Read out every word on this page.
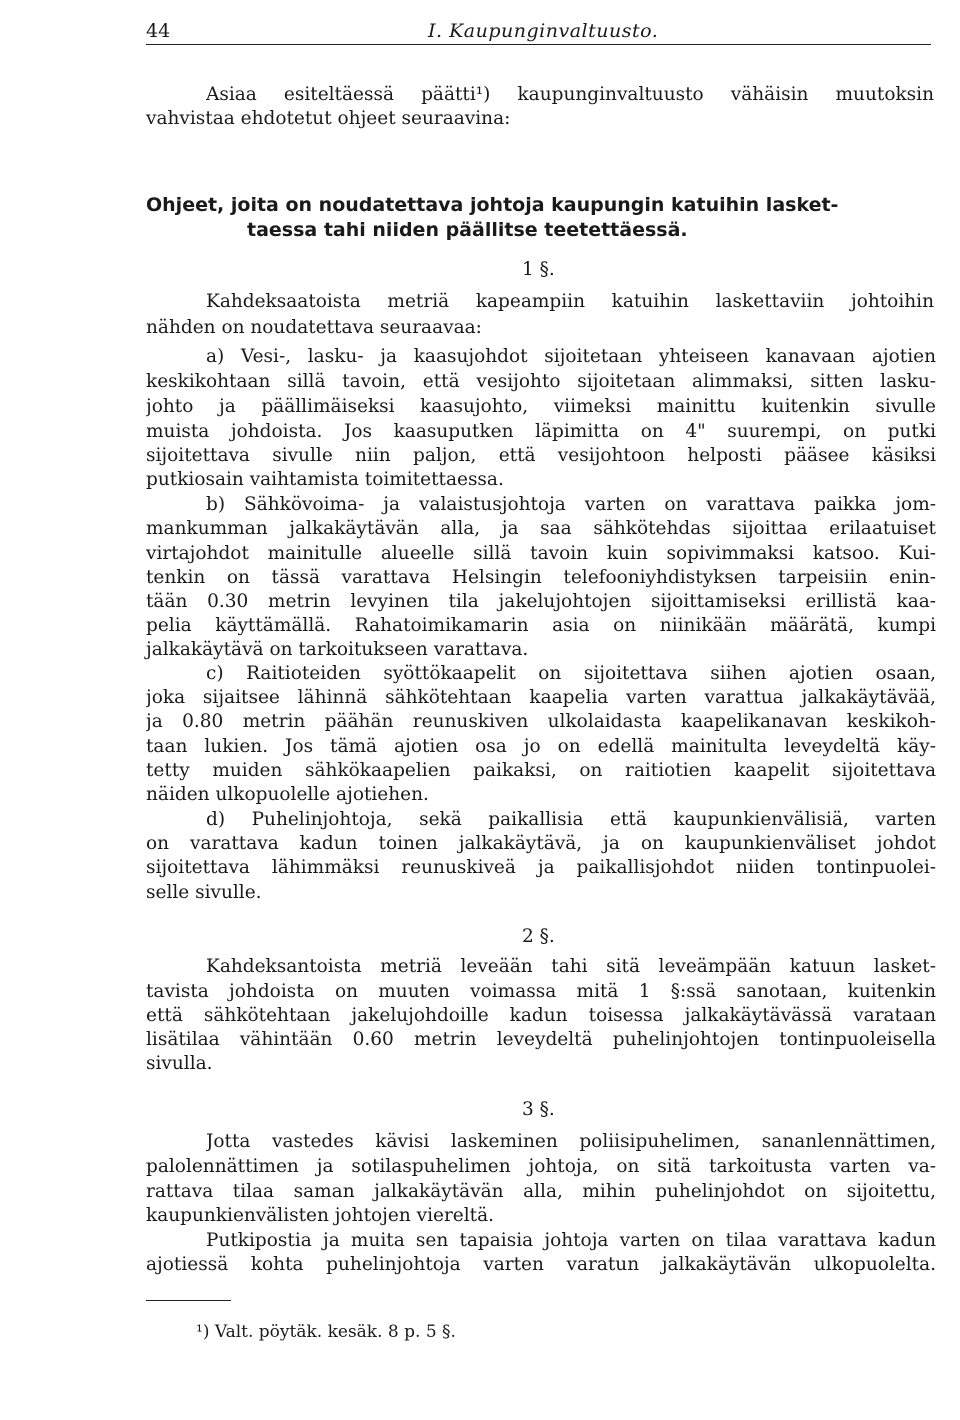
44	I. Kaupunginvaltuusto.
Asiaa esiteltäessä päätti¹) kaupunginvaltuusto vähäisin muutoksin
vahvistaa ehdotetut ohjeet seuraavina:
Ohjeet, joita on noudatettava johtoja kaupungin katuihin lasket-
taessa tahi niiden päällitse teetettäessä.
1 §.
Kahdeksaatoista metriä kapeampiin katuihin laskettaviin johtoihin
nähden on noudatettava seuraavaa:
a) Vesi-, lasku- ja kaasujohdot sijoitetaan yhteiseen kanavaan ajotien
keskikohtaan sillä tavoin, että vesijohto sijoitetaan alimmaksi, sitten lasku-
johto ja päällimäiseksi kaasujohto, viimeksi mainittu kuitenkin sivulle
muista johdoista. Jos kaasuputken läpimitta on 4" suurempi, on putki
sijoitettava sivulle niin paljon, että vesijohtoon helposti pääsee käsiksi
putkiosain vaihtamista toimitettaessa.
b) Sähkövoima- ja valaistusjohtoja varten on varattava paikka jom-
mankumman jalkakäytävän alla, ja saa sähkötehdas sijoittaa erilaatuiset
virtajohdot mainitulle alueelle sillä tavoin kuin sopivimmaksi katsoo. Kui-
tenkin on tässä varattava Helsingin telefooniyhdistyksen tarpeisiin enin-
tään 0.30 metrin levyinen tila jakelujohtojen sijoittamiseksi erillistä kaa-
pelia käyttämällä. Rahatoimikamarin asia on niinikään määrätä, kumpi
jalkakäytävä on tarkoitukseen varattava.
c) Raitioteiden syöttökaapelit on sijoitettava siihen ajotien osaan,
joka sijaitsee lähinnä sähkötehtaan kaapelia varten varattua jalkakäytävää,
ja 0.80 metrin päähän reunuskiven ulkolaidasta kaapelikanavan keskikoh-
taan lukien. Jos tämä ajotien osa jo on edellä mainitulta leveydeltä käy-
tetty muiden sähkökaapelien paikaksi, on raitiotien kaapelit sijoitettava
näiden ulkopuolelle ajotiehen.
d) Puhelinjohtoja, sekä paikallisia että kaupunkienvälisiä, varten
on varattava kadun toinen jalkakäytävä, ja on kaupunkienväliset johdot
sijoitettava lähimmäksi reunuskiveä ja paikallisjohdot niiden tontinpuolei-
selle sivulle.
2 §.
Kahdeksantoista metriä leveään tahi sitä leveämpään katuun lasket-
tavista johdoista on muuten voimassa mitä 1 §:ssä sanotaan, kuitenkin
että sähkötehtaan jakelujohdoille kadun toisessa jalkakäytävässä varataan
lisätilaa vähintään 0.60 metrin leveydeltä puhelinjohtojen tontinpuoleisella
sivulla.
3 §.
Jotta vastedes kävisi laskeminen poliisipuhelimen, sananlennättimen,
palolennättimen ja sotilaspuhelimen johtoja, on sitä tarkoitusta varten va-
rattava tilaa saman jalkakäytävän alla, mihin puhelinjohdot on sijoitettu,
kaupunkienvälisten johtojen viereltä.
Putkipostia ja muita sen tapaisia johtoja varten on tilaa varattava kadun
ajotiessä kohta puhelinjohtoja varten varatun jalkakäytävän ulkopuolelta.
¹) Valt. pöytäk. kesäk. 8 p. 5 §.
